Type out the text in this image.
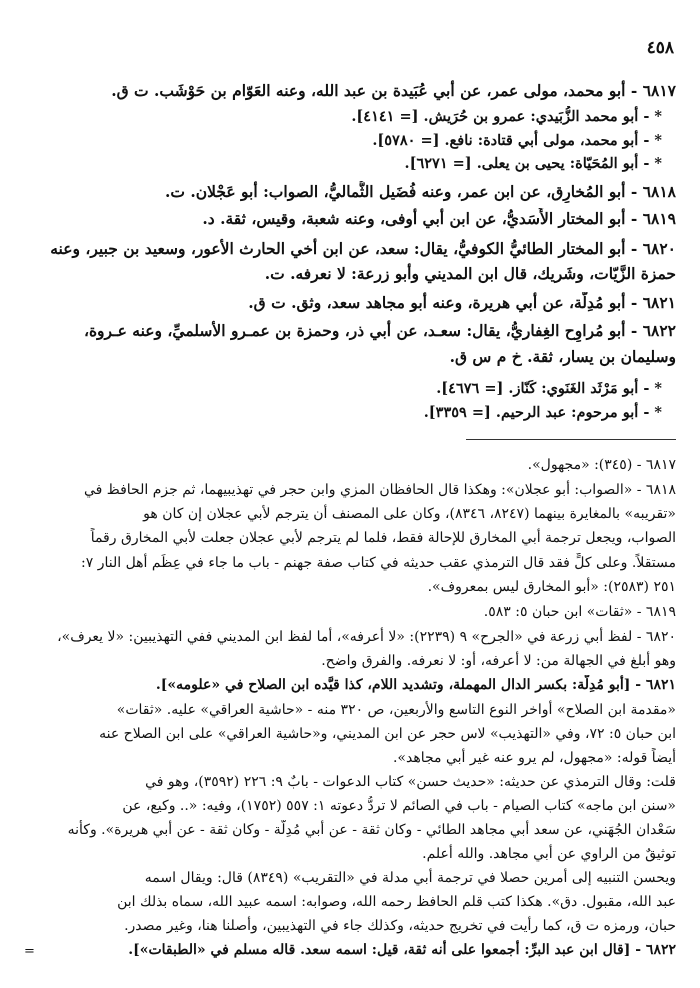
٤٥٨
٦٨١٧ - أبو محمد، مولى عمر، عن أبي عُبَيدة بن عبد الله، وعنه العَوّام بن حَوْشَب. ت ق.
* - أبو محمد الزُّبَيدي: عمرو بن حُرَيش. [= ٤١٤١].
* - أبو محمد، مولى أبي قتادة: نافع. [= ٥٧٨٠].
* - أبو المُحَيّاة: يحيى بن يعلى. [= ٦٢٧١].
٦٨١٨ - أبو المُخارِق، عن ابن عمر، وعنه فُضَيل الثُّماليُّ، الصواب: أبو عَجْلان. ت.
٦٨١٩ - أبو المختار الأَسَديُّ، عن ابن أبي أوفى، وعنه شعبة، وقيس، ثقة. د.
٦٨٢٠ - أبو المختار الطائيُّ الكوفيُّ، يقال: سعد، عن ابن أخي الحارث الأعور، وسعيد بن جبير، وعنه
حمزة الزَّيّات، وشَريك، قال ابن المديني وأبو زرعة: لا نعرفه. ت.
٦٨٢١ - أبو مُدِلَّة، عن أبي هريرة، وعنه أبو مجاهد سعد، وثق. ت ق.
٦٨٢٢ - أبو مُراوِح الغِفاريُّ، يقال: سعـد، عن أبي ذر، وحمزة بن عمـرو الأسلميِّ، وعنه عـروة،
وسليمان بن يسار، ثقة. خ م س ق.
* - أبو مَرْثَد الغَنَوي: كَنّاز. [= ٤٦٧٦].
* - أبو مرحوم: عبد الرحيم. [= ٣٣٥٩].
٦٨١٧ - (٣٤٥): «مجهول».
٦٨١٨ - «الصواب: أبو عجلان»: وهكذا قال الحافظان المزي وابن حجر في تهذيبيهما، ثم جزم الحافظ في
«تقريبه» بالمغايرة بينهما (٨٢٤٧، ٨٣٤٦)، وكان على المصنف أن يترجم لأبي عجلان إن كان هو
الصواب، ويجعل ترجمة أبي المخارق للإحالة فقط، فلما لم يترجم لأبي عجلان جعلت لأبي المخارق رقماً
مستقلاً. وعلى كلٍّ فقد قال الترمذي عقب حديثه في كتاب صفة جهنم - باب ما جاء في عِظَم أهل النار ٧:
٢٥١ (٢٥٨٣): «أبو المخارق ليس بمعروف».
٦٨١٩ - «ثقات» ابن حبان ٥: ٥٨٣.
٦٨٢٠ - لفظ أبي زرعة في «الجرح» ٩ (٢٢٣٩): «لا أعرفه»، أما لفظ ابن المديني ففي التهذيبين: «لا يعرف»،
وهو أبلغ في الجهالة من: لا أعرفه، أو: لا نعرفه. والفرق واضح.
٦٨٢١ - [أبو مُدِلَّة: بكسر الدال المهملة، وتشديد اللام، كذا قيَّده ابن الصلاح في «علومه»].
«مقدمة ابن الصلاح» أواخر النوع التاسع والأربعين، ص ٣٢٠ منه - «حاشية العراقي» عليه. «ثقات»
ابن حبان ٥: ٧٢، وفي «التهذيب» لاس حجر عن ابن المديني، و«حاشية العراقي» على ابن الصلاح عنه
أيضاً قوله: «مجهول، لم يرو عنه غير أبي مجاهد».
قلت: وقال الترمذي عن حديثه: «حديث حسن» كتاب الدعوات - بابٌ ٩: ٢٢٦ (٣٥٩٢)، وهو في
«سنن ابن ماجه» كتاب الصيام - باب في الصائم لا تردُّ دعوته ١: ٥٥٧ (١٧٥٢)، وفيه: «.. وكيع، عن
سَعْدان الجُهَني، عن سعد أبي مجاهد الطائي - وكان ثقة - عن أبي مُدِلَّة - وكان ثقة - عن أبي هريرة». وكأنه
توثيقٌ من الراوي عن أبي مجاهد. والله أعلم.
ويحسن التنبيه إلى أمرين حصلا في ترجمة أبي مدلة في «التقريب» (٨٣٤٩) قال: ويقال اسمه
عبد الله، مقبول. دق». هكذا كتب قلم الحافظ رحمه الله، وصوابه: اسمه عبيد الله، سماه بذلك ابن
حبان، ورمزه ت ق، كما رأيت في تخريج حديثه، وكذلك جاء في التهذيبين، وأصلنا هنا، وغير مصدر.
٦٨٢٢ - [قال ابن عبد البرِّ: أجمعوا على أنه ثقة، قيل: اسمه سعد. قاله مسلم في «الطبقات»].
=
